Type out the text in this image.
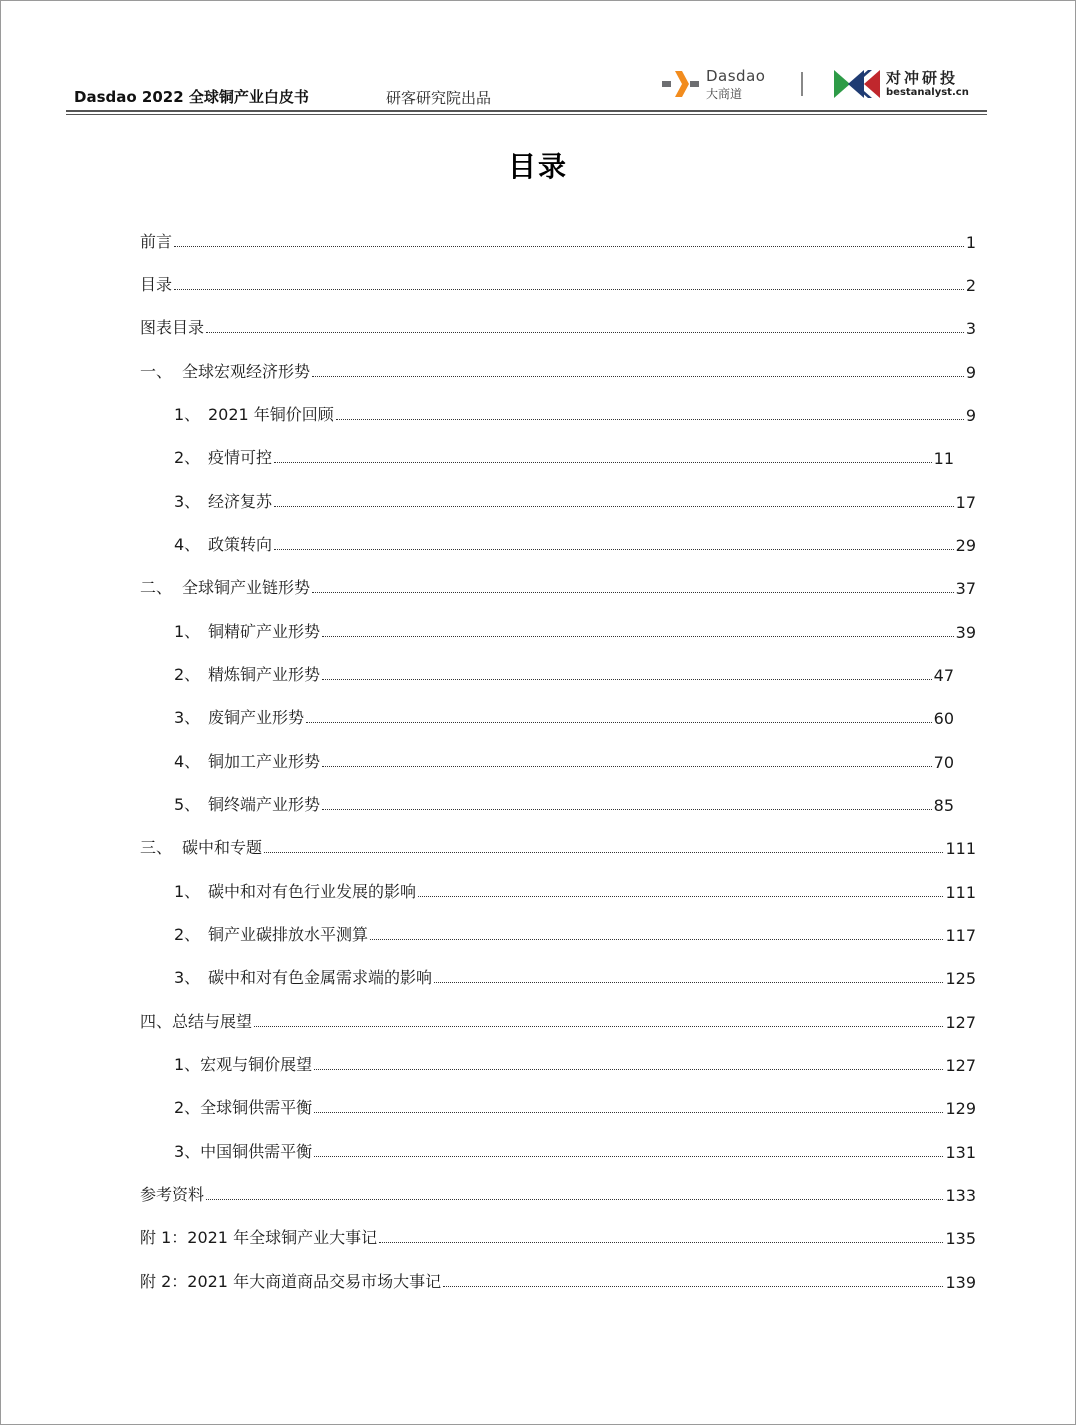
Dasdao 2022 全球铜产业白皮书	研客研究院出品
Dasdao
大商道
对冲研投
bestanalyst.cn
目录
前言	1
目录	2
图表目录	3
一、 全球宏观经济形势	9
1、 2021 年铜价回顾	9
2、 疫情可控	11
3、 经济复苏	17
4、 政策转向	29
二、 全球铜产业链形势	37
1、 铜精矿产业形势	39
2、 精炼铜产业形势	47
3、 废铜产业形势	60
4、 铜加工产业形势	70
5、 铜终端产业形势	85
三、 碳中和专题	111
1、 碳中和对有色行业发展的影响	111
2、 铜产业碳排放水平测算	117
3、 碳中和对有色金属需求端的影响	125
四、总结与展望	127
1、宏观与铜价展望	127
2、全球铜供需平衡	129
3、中国铜供需平衡	131
参考资料	133
附 1：2021 年全球铜产业大事记	135
附 2：2021 年大商道商品交易市场大事记	139
